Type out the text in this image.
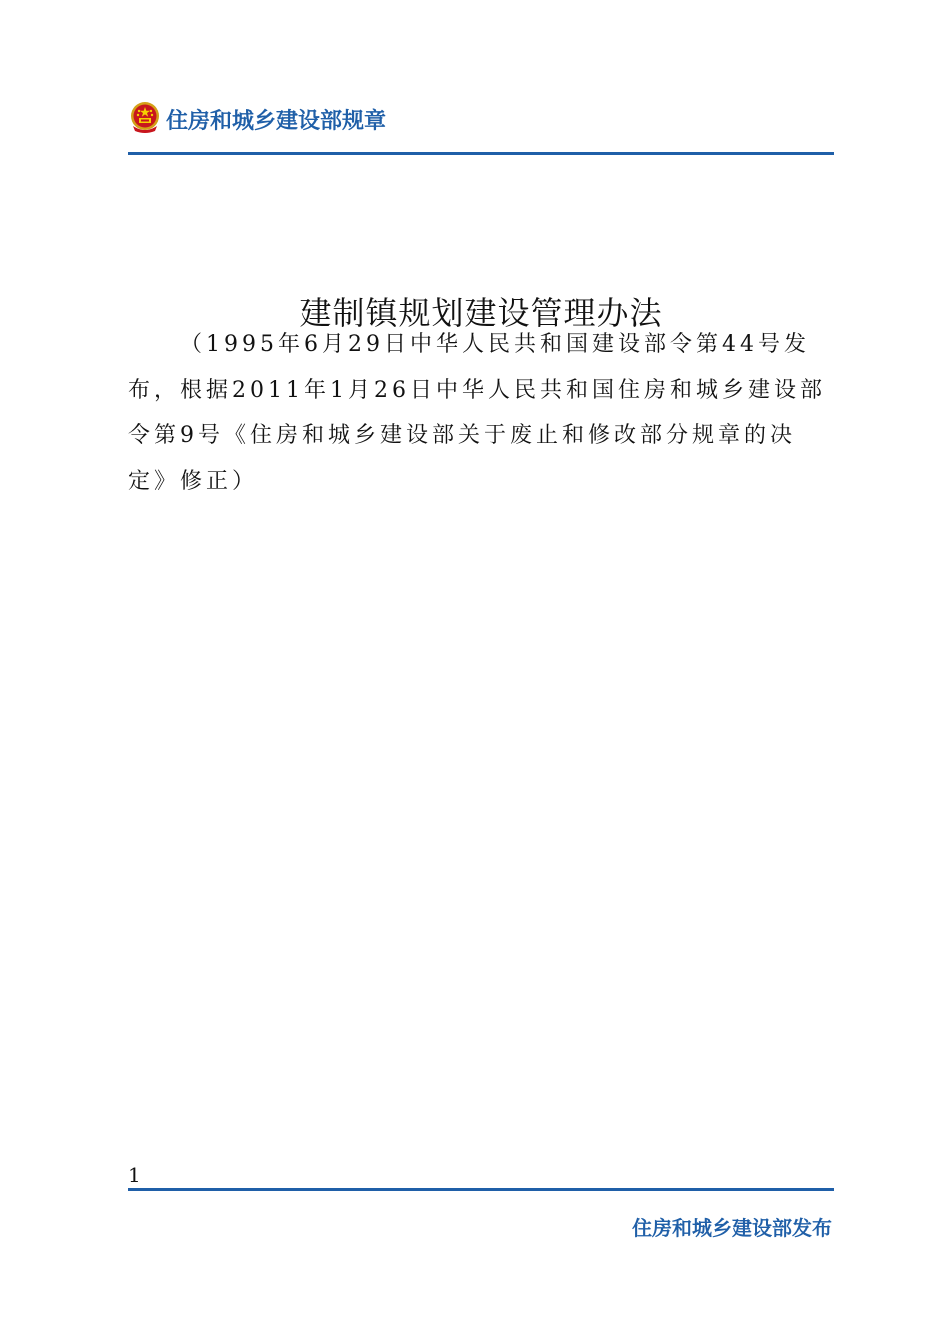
住房和城乡建设部规章
建制镇规划建设管理办法
（1995年6月29日中华人民共和国建设部令第44号发
布，根据2011年1月26日中华人民共和国住房和城乡建设部
令第9号《住房和城乡建设部关于废止和修改部分规章的决
定》修正）
1
住房和城乡建设部发布
